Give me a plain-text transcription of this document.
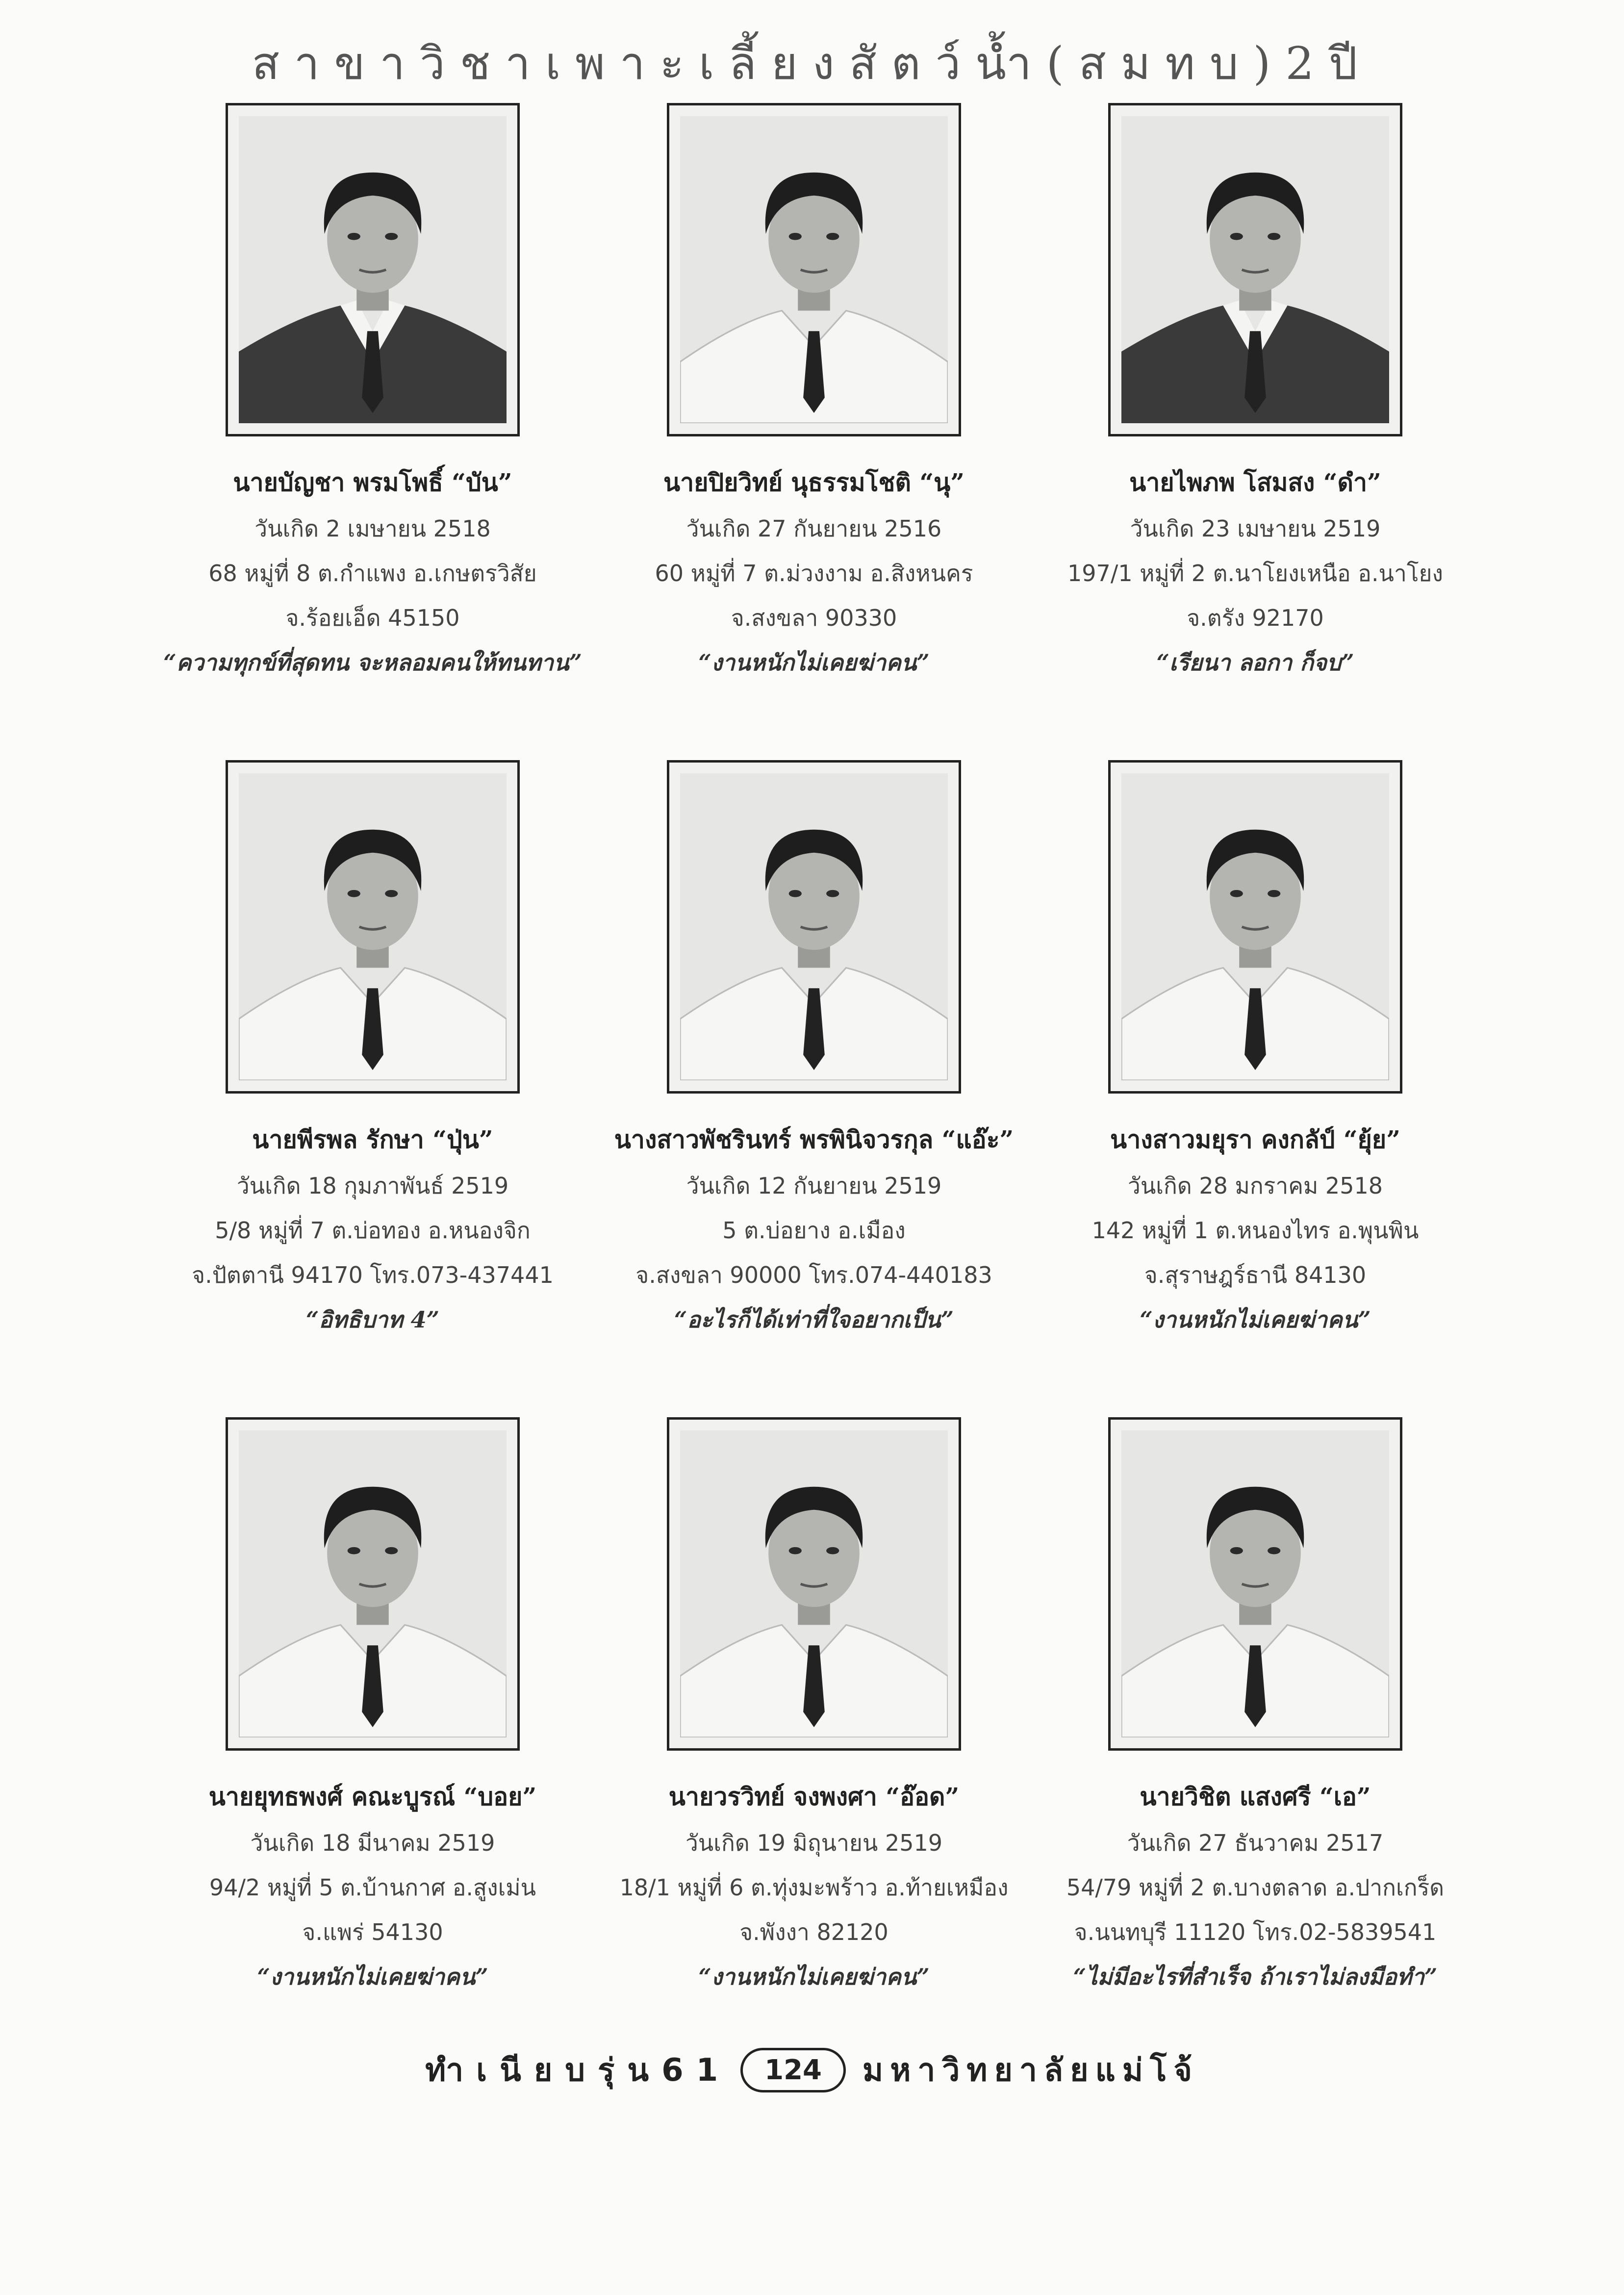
สาขาวิชาเพาะเลี้ยงสัตว์น้ำ(สมทบ)2ปี
นายบัญชา พรมโพธิ์ “บัน”
วันเกิด 2 เมษายน 2518
68 หมู่ที่ 8 ต.กำแพง อ.เกษตรวิสัย
จ.ร้อยเอ็ด 45150
“ความทุกข์ที่สุดทน จะหลอมคนให้ทนทาน”
นายปิยวิทย์ นุธรรมโชติ “นุ”
วันเกิด 27 กันยายน 2516
60 หมู่ที่ 7 ต.ม่วงงาม อ.สิงหนคร
จ.สงขลา 90330
“งานหนักไม่เคยฆ่าคน”
นายไพภพ โสมสง “ดำ”
วันเกิด 23 เมษายน 2519
197/1 หมู่ที่ 2 ต.นาโยงเหนือ อ.นาโยง
จ.ตรัง 92170
“เรียนา ลอกา ก็จบ”
นายพีรพล รักษา “ปุ่น”
วันเกิด 18 กุมภาพันธ์ 2519
5/8 หมู่ที่ 7 ต.บ่อทอง อ.หนองจิก
จ.ปัตตานี 94170 โทร.073-437441
“อิทธิบาท 4”
นางสาวพัชรินทร์ พรพินิจวรกุล “แอ๊ะ”
วันเกิด 12 กันยายน 2519
5 ต.บ่อยาง อ.เมือง
จ.สงขลา 90000 โทร.074-440183
“อะไรก็ได้เท่าที่ใจอยากเป็น”
นางสาวมยุรา คงกลัป์ “ยุ้ย”
วันเกิด 28 มกราคม 2518
142 หมู่ที่ 1 ต.หนองไทร อ.พุนพิน
จ.สุราษฎร์ธานี 84130
“งานหนักไม่เคยฆ่าคน”
นายยุทธพงศ์ คณะบูรณ์ “บอย”
วันเกิด 18 มีนาคม 2519
94/2 หมู่ที่ 5 ต.บ้านกาศ อ.สูงเม่น
จ.แพร่ 54130
“งานหนักไม่เคยฆ่าคน”
นายวรวิทย์ จงพงศา “อ๊อด”
วันเกิด 19 มิถุนายน 2519
18/1 หมู่ที่ 6 ต.ทุ่งมะพร้าว อ.ท้ายเหมือง
จ.พังงา 82120
“งานหนักไม่เคยฆ่าคน”
นายวิชิต แสงศรี “เอ”
วันเกิด 27 ธันวาคม 2517
54/79 หมู่ที่ 2 ต.บางตลาด อ.ปากเกร็ด
จ.นนทบุรี 11120 โทร.02-5839541
“ไม่มีอะไรที่สำเร็จ ถ้าเราไม่ลงมือทำ”
ทำเนียบรุ่น61	124	มหาวิทยาลัยแม่โจ้
